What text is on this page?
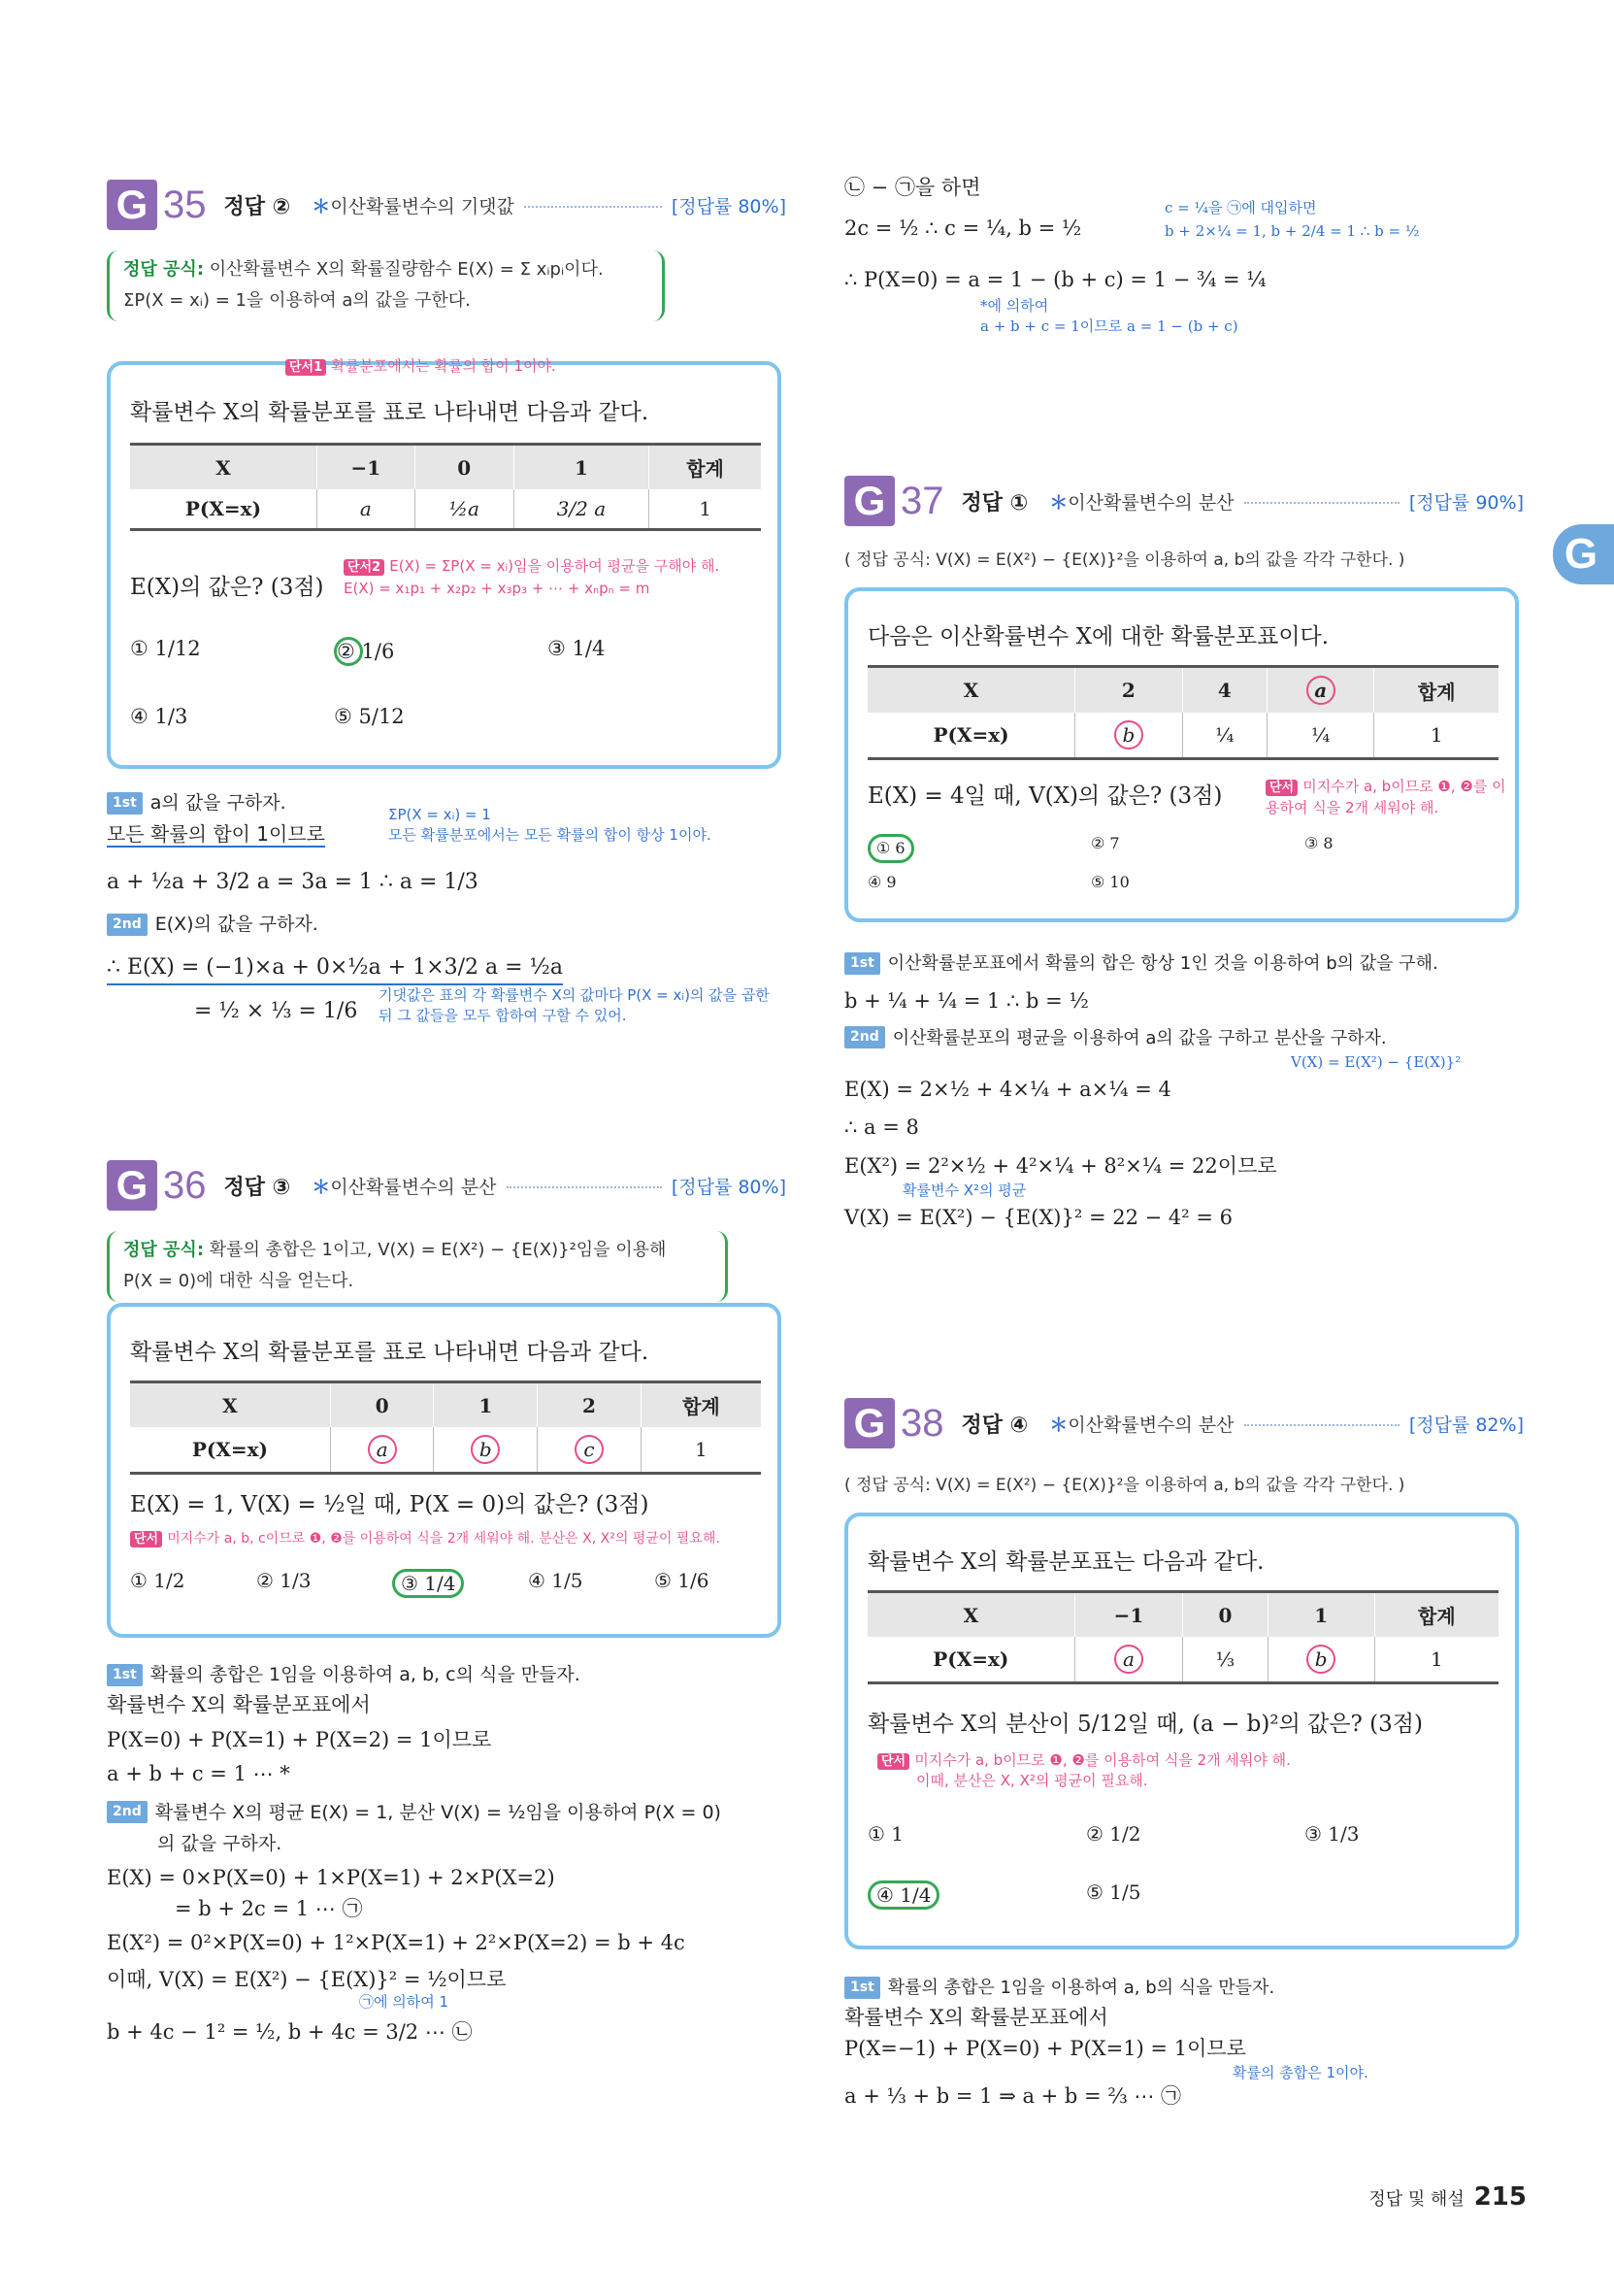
G 35 정답 ② ＊이산확률변수의 기댓값	[정답률 80%]
정답 공식: 이산확률변수 X의 확률질량함수 E(X) = Σ xᵢpᵢ이다.
ΣP(X = xᵢ) = 1을 이용하여 a의 값을 구한다.
단서1 확률분포에서는 확률의 합이 1이야.
확률변수 X의 확률분포를 표로 나타내면 다음과 같다.
X	−1	0	1	합계
P(X=x)	a	½a	3/2 a	1
E(X)의 값은? (3점)
단서2 E(X) = ΣP(X = xᵢ)임을 이용하여 평균을 구해야 해.
E(X) = x₁p₁ + x₂p₂ + x₃p₃ + ⋯ + xₙpₙ = m
① 1/12	② 1/6	③ 1/4
④ 1/3	⑤ 5/12
1st a의 값을 구하자.
모든 확률의 합이 1이므로
ΣP(X = xᵢ) = 1
모든 확률분포에서는 모든 확률의 합이 항상 1이야.
a + ½a + 3/2 a = 3a = 1 ∴ a = 1/3
2nd E(X)의 값을 구하자.
∴ E(X) = (−1)×a + 0×½a + 1×3/2 a = ½a
= ½ × ⅓ = 1/6
기댓값은 표의 각 확률변수 X의 값마다 P(X = xᵢ)의 값을 곱한 뒤 그 값들을 모두 합하여 구할 수 있어.
G 36 정답 ③ ＊이산확률변수의 분산	[정답률 80%]
정답 공식: 확률의 총합은 1이고, V(X) = E(X²) − {E(X)}²임을 이용해
P(X = 0)에 대한 식을 얻는다.
확률변수 X의 확률분포를 표로 나타내면 다음과 같다.
X	0	1	2	합계
P(X=x)	a	b	c	1
E(X) = 1, V(X) = ½일 때, P(X = 0)의 값은? (3점)
단서 미지수가 a, b, c이므로 ❶, ❷를 이용하여 식을 2개 세워야 해. 분산은 X, X²의 평균이 필요해.
① 1/2	② 1/3	③ 1/4	④ 1/5	⑤ 1/6
1st 확률의 총합은 1임을 이용하여 a, b, c의 식을 만들자.
확률변수 X의 확률분포표에서
P(X=0) + P(X=1) + P(X=2) = 1이므로
a + b + c = 1 ⋯ *
2nd 확률변수 X의 평균 E(X) = 1, 분산 V(X) = ½임을 이용하여 P(X = 0)
의 값을 구하자.
E(X) = 0×P(X=0) + 1×P(X=1) + 2×P(X=2)
= b + 2c = 1 ⋯ ㉠
E(X²) = 0²×P(X=0) + 1²×P(X=1) + 2²×P(X=2) = b + 4c
이때, V(X) = E(X²) − {E(X)}² = ½이므로
㉠에 의하여 1
b + 4c − 1² = ½, b + 4c = 3/2 ⋯ ㉡
㉡ − ㉠을 하면
2c = ½ ∴ c = ¼, b = ½
c = ¼을 ㉠에 대입하면
b + 2×¼ = 1, b + 2/4 = 1 ∴ b = ½
∴ P(X=0) = a = 1 − (b + c) = 1 − ¾ = ¼
*에 의하여
a + b + c = 1이므로 a = 1 − (b + c)
G 37 정답 ① ＊이산확률변수의 분산	[정답률 90%]
( 정답 공식: V(X) = E(X²) − {E(X)}²을 이용하여 a, b의 값을 각각 구한다. )
다음은 이산확률변수 X에 대한 확률분포표이다.
X	2	4	a	합계
P(X=x)	b	¼	¼	1
E(X) = 4일 때, V(X)의 값은? (3점)	단서 미지수가 a, b이므로 ❶, ❷를 이용하여 식을 2개 세워야 해.
① 6	② 7	③ 8
④ 9	⑤ 10
1st 이산확률분포표에서 확률의 합은 항상 1인 것을 이용하여 b의 값을 구해.
b + ¼ + ¼ = 1 ∴ b = ½
2nd 이산확률분포의 평균을 이용하여 a의 값을 구하고 분산을 구하자.
V(X) = E(X²) − {E(X)}²
E(X) = 2×½ + 4×¼ + a×¼ = 4
∴ a = 8
E(X²) = 2²×½ + 4²×¼ + 8²×¼ = 22이므로
확률변수 X²의 평균
V(X) = E(X²) − {E(X)}² = 22 − 4² = 6
G 38 정답 ④ ＊이산확률변수의 분산	[정답률 82%]
( 정답 공식: V(X) = E(X²) − {E(X)}²을 이용하여 a, b의 값을 각각 구한다. )
확률변수 X의 확률분포표는 다음과 같다.
X	−1	0	1	합계
P(X=x)	a	⅓	b	1
확률변수 X의 분산이 5/12일 때, (a − b)²의 값은? (3점)
단서 미지수가 a, b이므로 ❶, ❷를 이용하여 식을 2개 세워야 해.
이때, 분산은 X, X²의 평균이 필요해.
① 1	② 1/2	③ 1/3
④ 1/4	⑤ 1/5
1st 확률의 총합은 1임을 이용하여 a, b의 식을 만들자.
확률변수 X의 확률분포표에서
P(X=−1) + P(X=0) + P(X=1) = 1이므로
확률의 총합은 1이야.
a + ⅓ + b = 1 ⇒ a + b = ⅔ ⋯ ㉠
G
정답 및 해설 215
